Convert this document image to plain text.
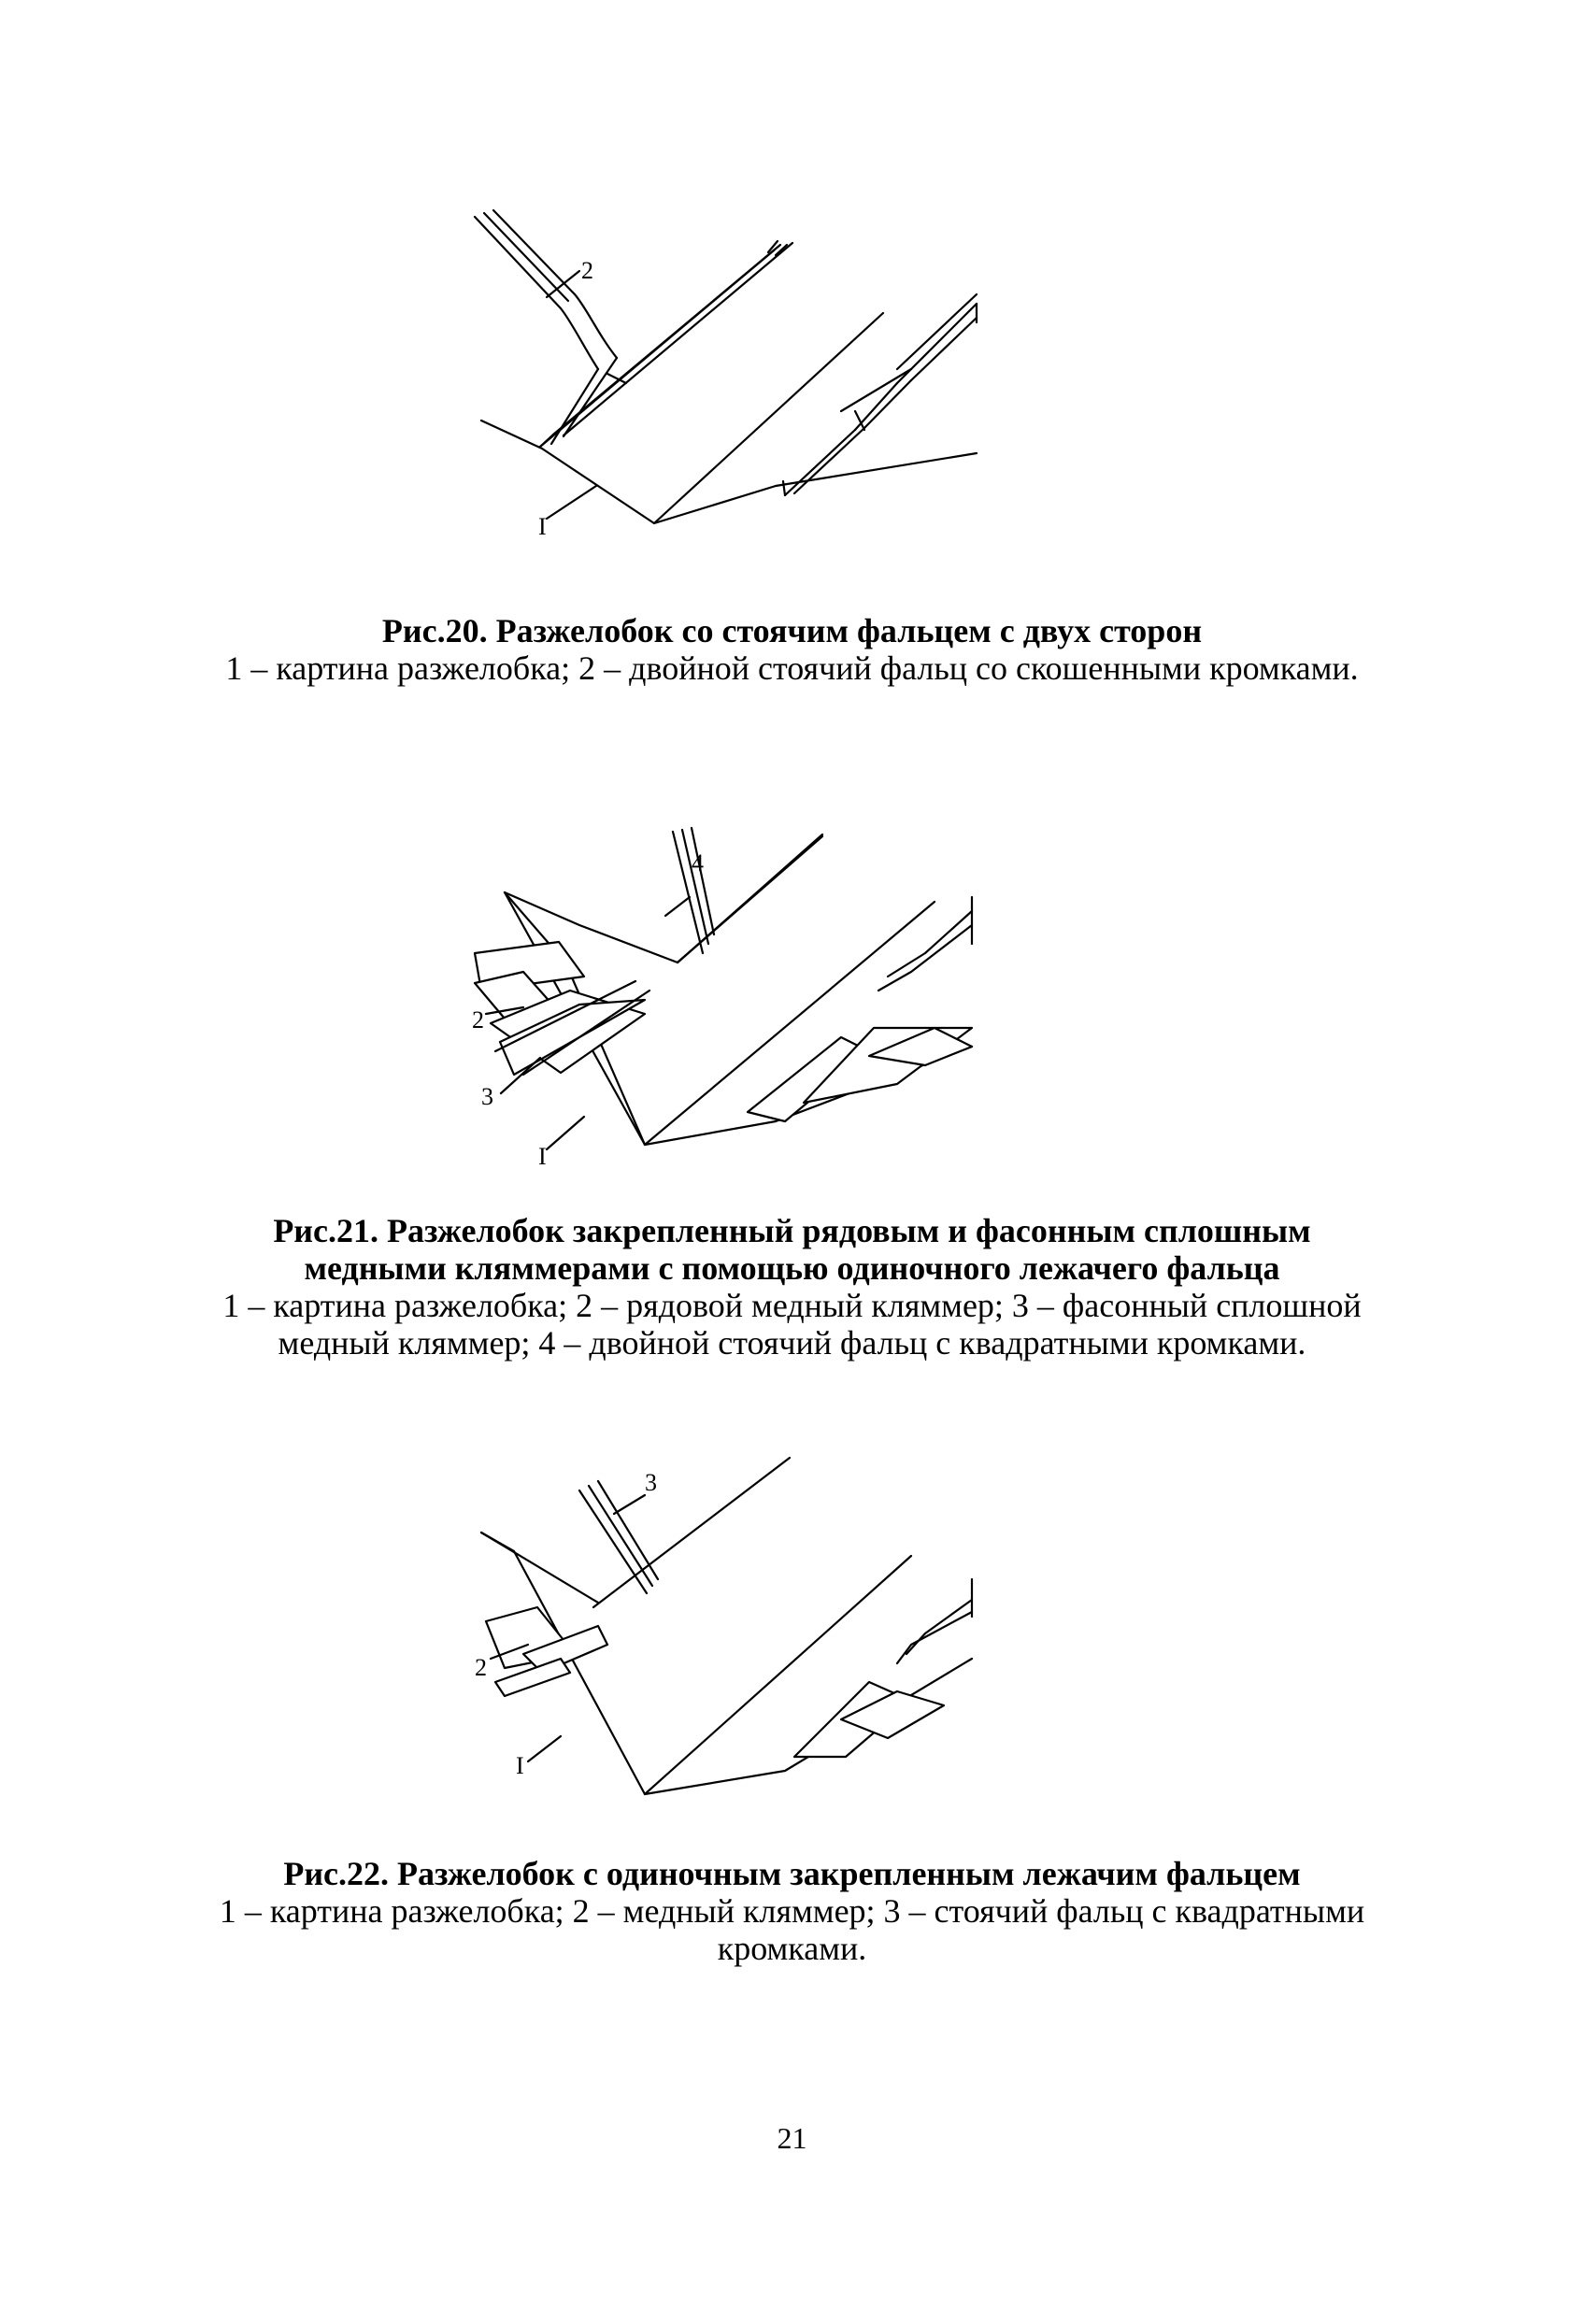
2
I
Рис.20. Разжелобок со стоячим фальцем с двух сторон
1 – картина разжелобка; 2 – двойной стоячий фальц со скошенными кромками.
4
2
3
I
Рис.21. Разжелобок закрепленный рядовым и фасонным сплошным
медными кляммерами с помощью одиночного лежачего фальца
1 – картина разжелобка; 2 – рядовой медный кляммер; 3 – фасонный сплошной
медный кляммер; 4 – двойной стоячий фальц с квадратными кромками.
3
2
I
Рис.22. Разжелобок с одиночным закрепленным лежачим фальцем
1 – картина разжелобка; 2 – медный кляммер; 3 – стоячий фальц с квадратными
кромками.
21
